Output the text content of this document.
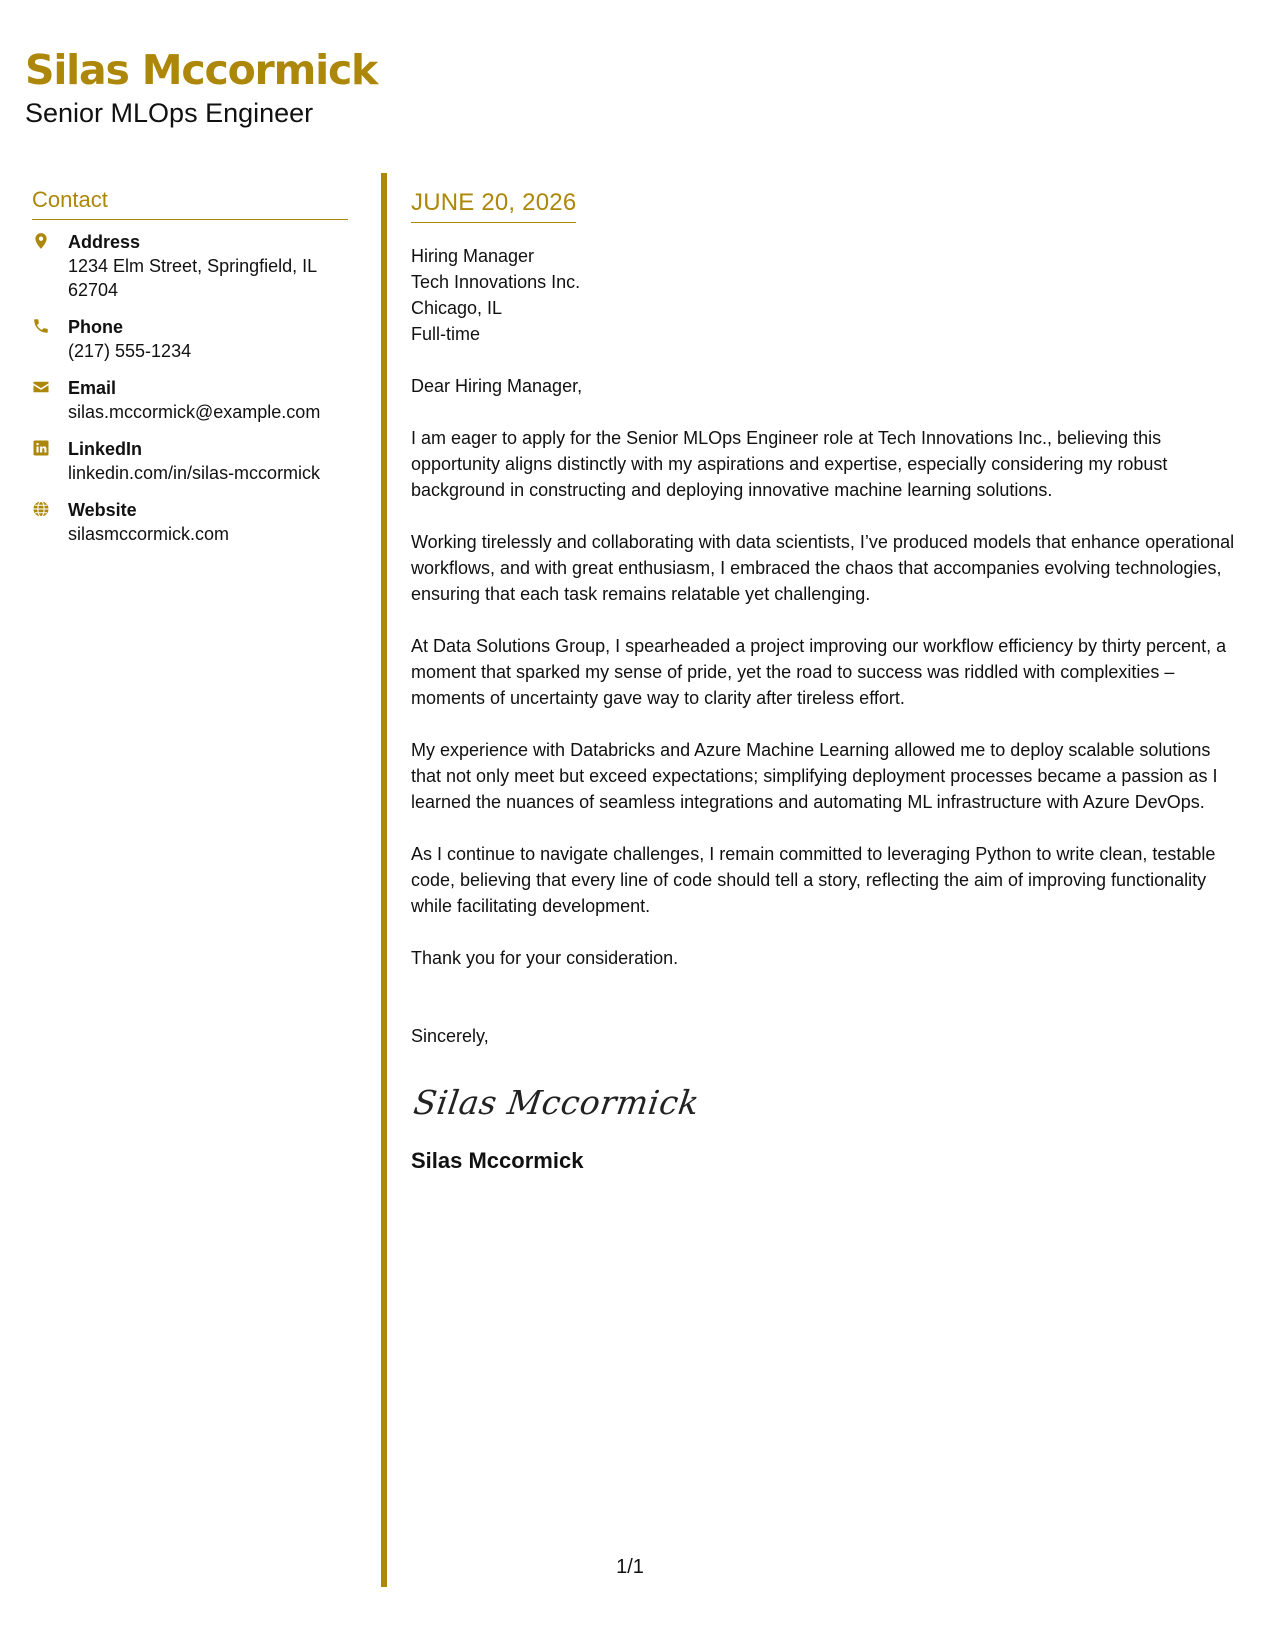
Silas Mccormick
Senior MLOps Engineer
Contact
Address
1234 Elm Street, Springfield, IL 62704
Phone
(217) 555-1234
Email
silas.mccormick@example.com
LinkedIn
linkedin.com/in/silas-mccormick
Website
silasmccormick.com
JUNE 20, 2026
Hiring Manager
Tech Innovations Inc.
Chicago, IL
Full-time
Dear Hiring Manager,

I am eager to apply for the Senior MLOps Engineer role at Tech Innovations Inc., believing this opportunity aligns distinctly with my aspirations and expertise, especially considering my robust background in constructing and deploying innovative machine learning solutions.

Working tirelessly and collaborating with data scientists, I’ve produced models that enhance operational workflows, and with great enthusiasm, I embraced the chaos that accompanies evolving technologies, ensuring that each task remains relatable yet challenging.

At Data Solutions Group, I spearheaded a project improving our workflow efficiency by thirty percent, a moment that sparked my sense of pride, yet the road to success was riddled with complexities – moments of uncertainty gave way to clarity after tireless effort.

My experience with Databricks and Azure Machine Learning allowed me to deploy scalable solutions that not only meet but exceed expectations; simplifying deployment processes became a passion as I learned the nuances of seamless integrations and automating ML infrastructure with Azure DevOps.

As I continue to navigate challenges, I remain committed to leveraging Python to write clean, testable code, believing that every line of code should tell a story, reflecting the aim of improving functionality while facilitating development.

Thank you for your consideration.

Sincerely,
Silas Mccormick
Silas Mccormick
1/1
